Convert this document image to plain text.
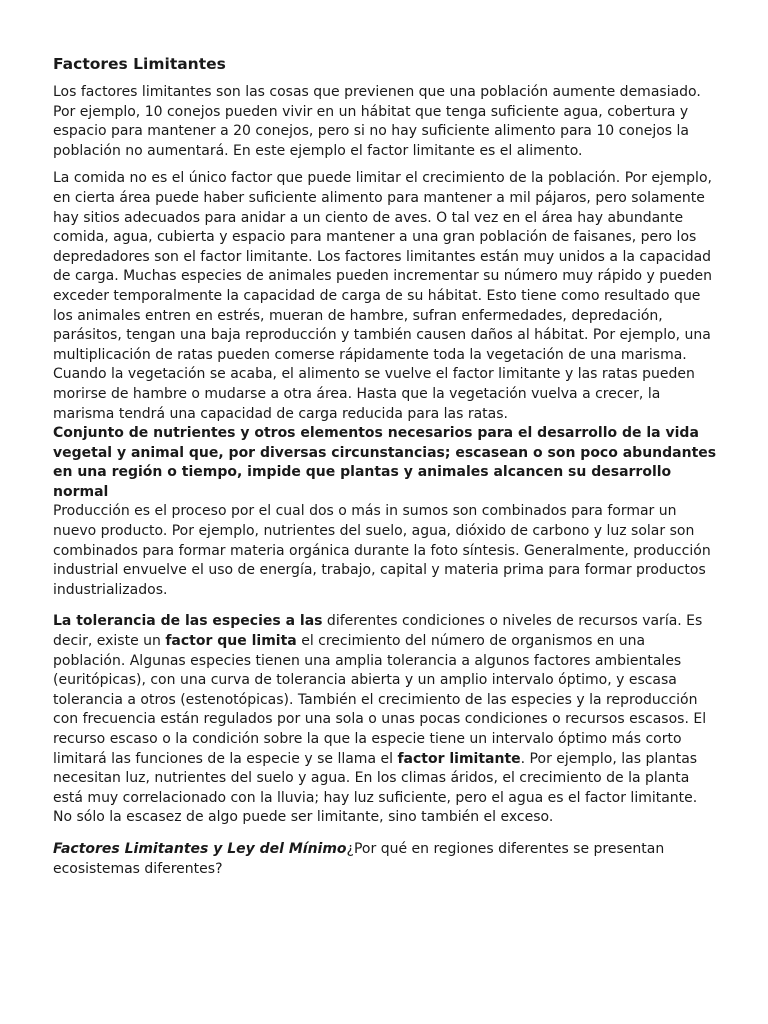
Factores Limitantes

Los factores limitantes son las cosas que previenen que una población aumente demasiado. Por ejemplo, 10 conejos pueden vivir en un hábitat que tenga suficiente agua, cobertura y espacio para mantener a 20 conejos, pero si no hay suficiente alimento para 10 conejos la población no aumentará. En este ejemplo el factor limitante es el alimento.

La comida no es el único factor que puede limitar el crecimiento de la población. Por ejemplo, en cierta área puede haber suficiente alimento para mantener a mil pájaros, pero solamente hay sitios adecuados para anidar a un ciento de aves. O tal vez en el área hay abundante comida, agua, cubierta y espacio para mantener a una gran población de faisanes, pero los depredadores son el factor limitante. Los factores limitantes están muy unidos a la capacidad de carga. Muchas especies de animales pueden incrementar su número muy rápido y pueden exceder temporalmente la capacidad de carga de su hábitat. Esto tiene como resultado que los animales entren en estrés, mueran de hambre, sufran enfermedades, depredación, parásitos, tengan una baja reproducción y también causen daños al hábitat. Por ejemplo, una multiplicación de ratas pueden comerse rápidamente toda la vegetación de una marisma. Cuando la vegetación se acaba, el alimento se vuelve el factor limitante y las ratas pueden morirse de hambre o mudarse a otra área. Hasta que la vegetación vuelva a crecer, la marisma tendrá una capacidad de carga reducida para las ratas.

Conjunto de nutrientes y otros elementos necesarios para el desarrollo de la vida vegetal y animal que, por diversas circunstancias; escasean o son poco abundantes en una región o tiempo, impide que plantas y animales alcancen su desarrollo normal

Producción es el proceso por el cual dos o más in sumos son combinados para formar un nuevo producto. Por ejemplo, nutrientes del suelo, agua, dióxido de carbono y luz solar son combinados para formar materia orgánica durante la foto síntesis. Generalmente, producción industrial envuelve el uso de energía, trabajo, capital y materia prima para formar productos industrializados.

La tolerancia de las especies a las diferentes condiciones o niveles de recursos varía. Es decir, existe un factor que limita el crecimiento del número de organismos en una población. Algunas especies tienen una amplia tolerancia a algunos factores ambientales (euritópicas), con una curva de tolerancia abierta y un amplio intervalo óptimo, y escasa tolerancia a otros (estenotópicas). También el crecimiento de las especies y la reproducción con frecuencia están regulados por una sola o unas pocas condiciones o recursos escasos. El recurso escaso o la condición sobre la que la especie tiene un intervalo óptimo más corto limitará las funciones de la especie y se llama el factor limitante. Por ejemplo, las plantas necesitan luz, nutrientes del suelo y agua. En los climas áridos, el crecimiento de la planta está muy correlacionado con la lluvia; hay luz suficiente, pero el agua es el factor limitante. No sólo la escasez de algo puede ser limitante, sino también el exceso.

Factores Limitantes y Ley del Mínimo¿Por qué en regiones diferentes se presentan ecosistemas diferentes?
